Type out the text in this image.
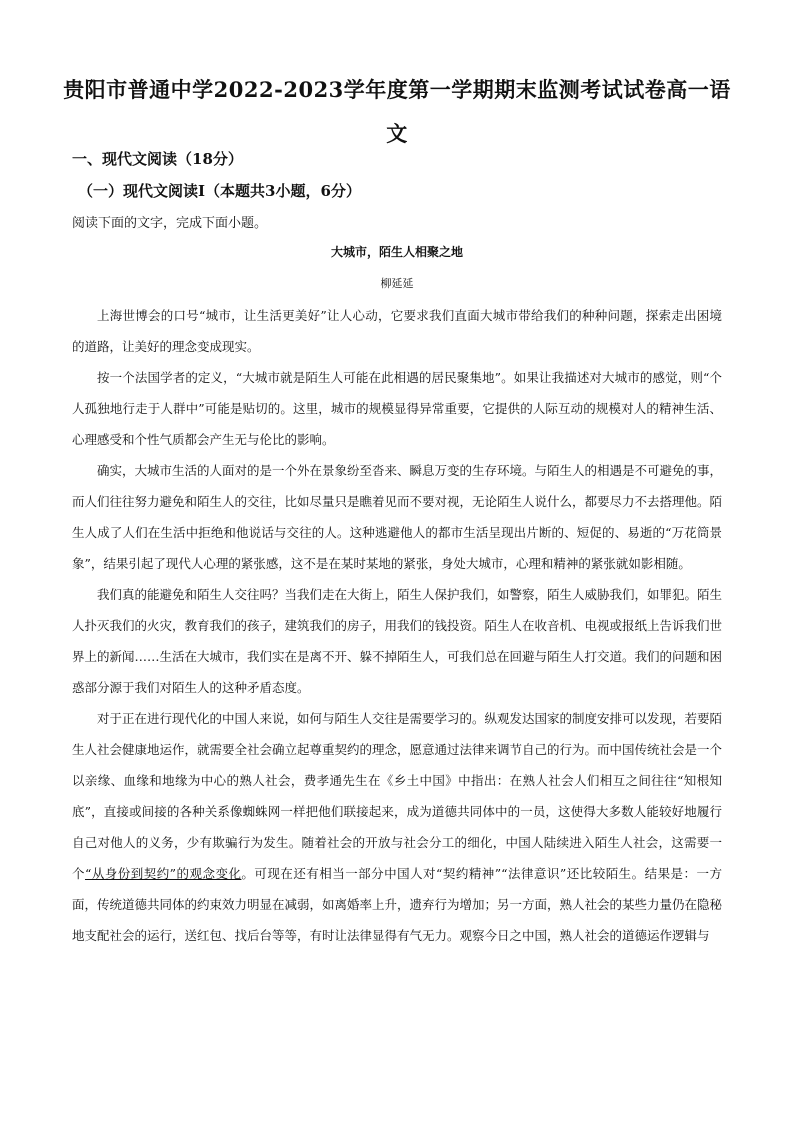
贵阳市普通中学2022-2023学年度第一学期期末监测考试试卷高一语文
一、现代文阅读（18分）
（一）现代文阅读Ⅰ（本题共3小题，6分）
阅读下面的文字，完成下面小题。
大城市，陌生人相聚之地
柳延延

上海世博会的口号“城市，让生活更美好”让人心动，它要求我们直面大城市带给我们的种种问题，探索走出困境的道路，让美好的理念变成现实。

按一个法国学者的定义，“大城市就是陌生人可能在此相遇的居民聚集地”。如果让我描述对大城市的感觉，则“个人孤独地行走于人群中”可能是贴切的。这里，城市的规模显得异常重要，它提供的人际互动的规模对人的精神生活、心理感受和个性气质都会产生无与伦比的影响。

确实，大城市生活的人面对的是一个外在景象纷至沓来、瞬息万变的生存环境。与陌生人的相遇是不可避免的事，而人们往往努力避免和陌生人的交往，比如尽量只是瞧着见而不要对视，无论陌生人说什么，都要尽力不去搭理他。陌生人成了人们在生活中拒绝和他说话与交往的人。这种逃避他人的都市生活呈现出片断的、短促的、易逝的“万花筒景象”，结果引起了现代人心理的紧张感，这不是在某时某地的紧张，身处大城市，心理和精神的紧张就如影相随。

我们真的能避免和陌生人交往吗？当我们走在大街上，陌生人保护我们，如警察，陌生人威胁我们，如罪犯。陌生人扑灭我们的火灾，教育我们的孩子，建筑我们的房子，用我们的钱投资。陌生人在收音机、电视或报纸上告诉我们世界上的新闻……生活在大城市，我们实在是离不开、躲不掉陌生人，可我们总在回避与陌生人打交道。我们的问题和困惑部分源于我们对陌生人的这种矛盾态度。

对于正在进行现代化的中国人来说，如何与陌生人交往是需要学习的。纵观发达国家的制度安排可以发现，若要陌生人社会健康地运作，就需要全社会确立起尊重契约的理念，愿意通过法律来调节自己的行为。而中国传统社会是一个以亲缘、血缘和地缘为中心的熟人社会，费孝通先生在《乡土中国》中指出：在熟人社会人们相互之间往往“知根知底”，直接或间接的各种关系像蜘蛛网一样把他们联接起来，成为道德共同体中的一员，这使得大多数人能较好地履行自己对他人的义务，少有欺骗行为发生。随着社会的开放与社会分工的细化，中国人陆续进入陌生人社会，这需要一个“从身份到契约”的观念变化。可现在还有相当一部分中国人对“契约精神”“法律意识”还比较陌生。结果是：一方面，传统道德共同体的约束效力明显在减弱，如离婚率上升，遗弃行为增加；另一方面，熟人社会的某些力量仍在隐秘地支配社会的运行，送红包、找后台等等，有时让法律显得有气无力。观察今日之中国，熟人社会的道德运作逻辑与
